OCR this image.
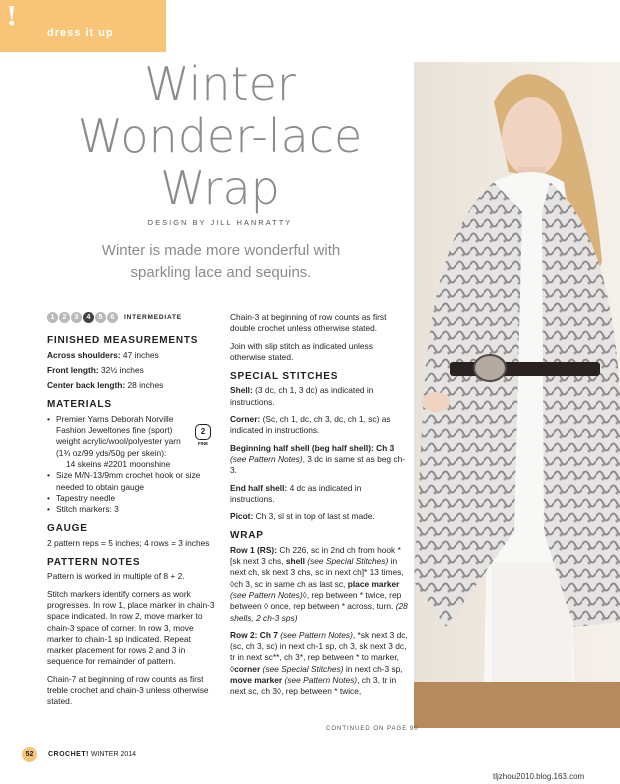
!
dress it up
Winter
Wonder-lace
Wrap
DESIGN BY JILL HANRATTY
Winter is made more wonderful with
sparkling lace and sequins.
1	2	3	4	5	6	INTERMEDIATE
FINISHED MEASUREMENTS

Across shoulders: 47 inches

Front length: 32½ inches

Center back length: 28 inches

MATERIALS
• Premier Yarns Deborah Norville Fashion Jeweltones fine (sport) weight acrylic/wool/polyester yarn (1¾ oz/99 yds/50g per skein):
14 skeins #2201 moonshine
• Size M/N-13/9mm crochet hook or size needed to obtain gauge
• Tapestry needle
• Stitch markers: 3
GAUGE

2 pattern reps = 5 inches; 4 rows = 3 inches

PATTERN NOTES

Pattern is worked in multiple of 8 + 2.

Stitch markers identify corners as work progresses. In row 1, place marker in chain-3 space indicated. In row 2, move marker to chain-3 space of corner. In row 3, move marker to chain-1 sp indicated. Repeat marker placement for rows 2 and 3 in sequence for remainder of pattern.

Chain-7 at beginning of row counts as first treble crochet and chain-3 unless otherwise stated.

2
FINE

Chain-3 at beginning of row counts as first double crochet unless otherwise stated.

Join with slip stitch as indicated unless otherwise stated.

SPECIAL STITCHES

Shell: (3 dc, ch 1, 3 dc) as indicated in instructions.

Corner: (Sc, ch 1, dc, ch 3, dc, ch 1, sc) as indicated in instructions.

Beginning half shell (beg half shell): Ch 3 (see Pattern Notes), 3 dc in same st as beg ch-3.

End half shell: 4 dc as indicated in instructions.

Picot: Ch 3, sl st in top of last st made.

WRAP

Row 1 (RS): Ch 226, sc in 2nd ch from hook *[sk next 3 chs, shell (see Special Stitches) in next ch, sk next 3 chs, sc in next ch]* 13 times, ◊ch 3, sc in same ch as last sc, place marker (see Pattern Notes)◊, rep between * twice, rep between ◊ once, rep between * across, turn. (28 shells, 2 ch-3 sps)

Row 2: Ch 7 (see Pattern Notes), *sk next 3 dc, (sc, ch 3, sc) in next ch-1 sp, ch 3, sk next 3 dc, tr in next sc**, ch 3*, rep between * to marker, ◊corner (see Special Stitches) in next ch-3 sp, move marker (see Pattern Notes), ch 3, tr in next sc, ch 3◊, rep between * twice,

CONTINUED ON PAGE 90
52	CROCHET! WINTER 2014
tljzhou2010.blog.163.com
